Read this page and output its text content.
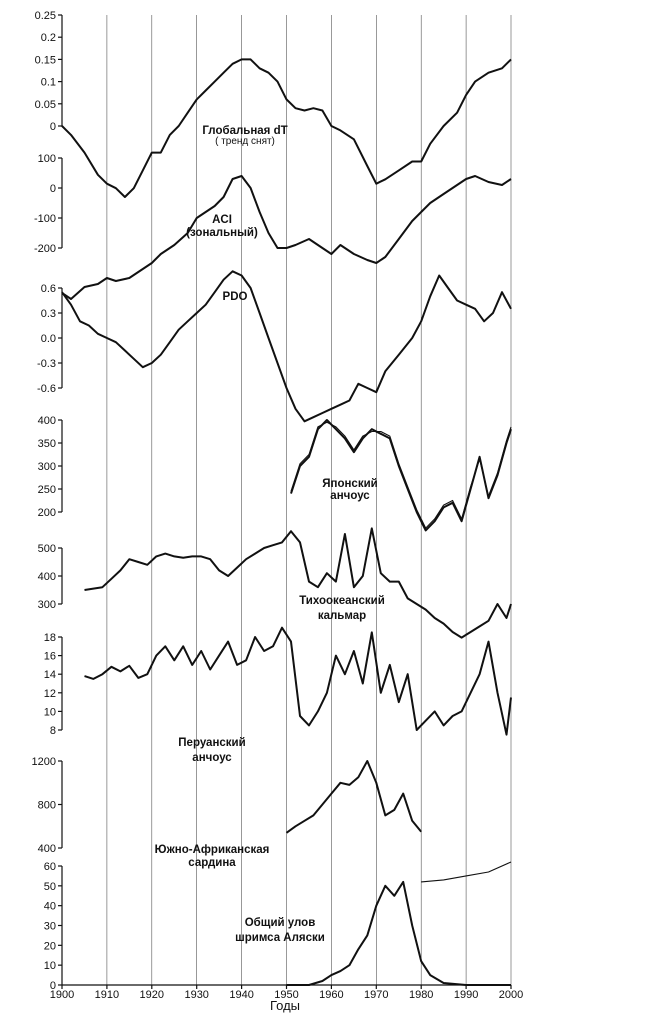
0
0.05
0.1
0.15
0.2
0.25
-200
-100
0
100
-0.6
-0.3
0.0
0.3
0.6
200
250
300
350
400
300
400
500
8
10
12
14
16
18
400
800
1200
0
10
20
30
40
50
60
Глобальная dT
( тренд снят)
ACI
(зональный)
PDO
Японский
анчоус
Тихоокеанский
кальмар
Перуанский
анчоус
Южно-Африканская
сардина
Общий улов
шримса Аляски
1900 1910 1920 1930 1940 1950 1960 1970 1980 1990 2000
Годы
